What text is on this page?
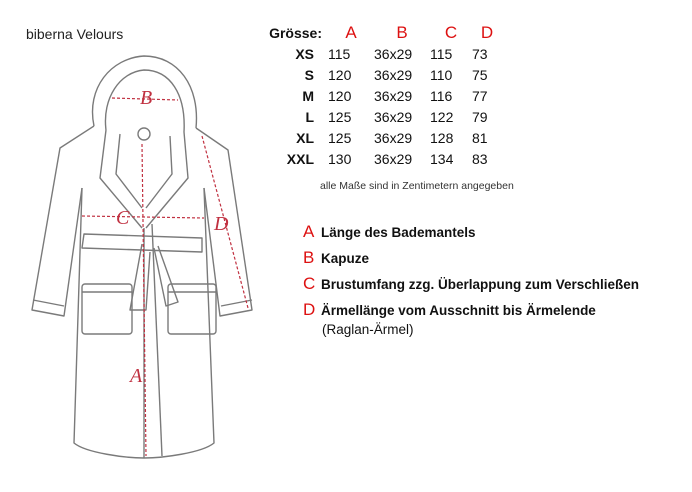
biberna Velours
B
C	D
A
Grösse:	A	B	C	D
XS	115	36x29	115	73
S	120	36x29	110	75
M	120	36x29	116	77
L	125	36x29	122	79
XL	125	36x29	128	81
XXL	130	36x29	134	83
alle Maße sind in Zentimetern angegeben
A Länge des Bademantels
B Kapuze
C Brustumfang zzg. Überlappung zum Verschließen
D Ärmellänge vom Ausschnitt bis Ärmelende
(Raglan-Ärmel)
